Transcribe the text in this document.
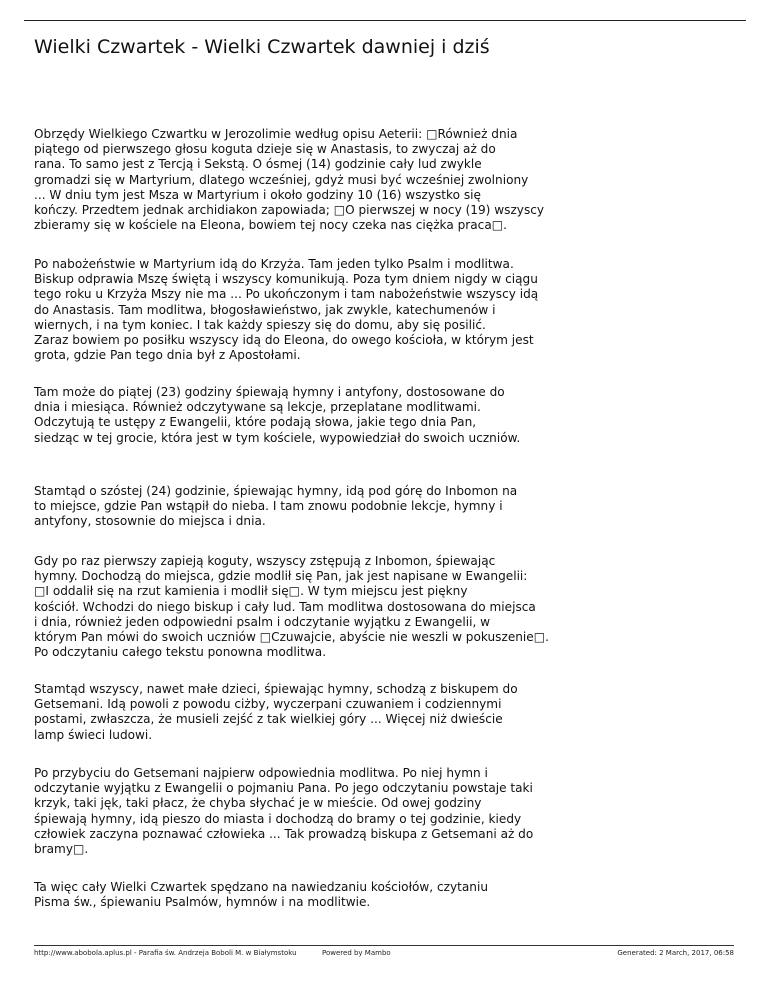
Wielki Czwartek - Wielki Czwartek dawniej i dziś

Obrzędy Wielkiego Czwartku w Jerozolimie według opisu Aeterii: □Również dnia
piątego od pierwszego głosu koguta dzieje się w Anastasis, to zwyczaj aż do
rana. To samo jest z Tercją i Sekstą. O ósmej (14) godzinie cały lud zwykle
gromadzi się w Martyrium, dlatego wcześniej, gdyż musi być wcześniej zwolniony
... W dniu tym jest Msza w Martyrium i około godziny 10 (16) wszystko się
kończy. Przedtem jednak archidiakon zapowiada; □O pierwszej w nocy (19) wszyscy
zbieramy się w kościele na Eleona, bowiem tej nocy czeka nas ciężka praca□.

Po nabożeństwie w Martyrium idą do Krzyża. Tam jeden tylko Psalm i modlitwa.
Biskup odprawia Mszę świętą i wszyscy komunikują. Poza tym dniem nigdy w ciągu
tego roku u Krzyża Mszy nie ma ... Po ukończonym i tam nabożeństwie wszyscy idą
do Anastasis. Tam modlitwa, błogosławieństwo, jak zwykle, katechumenów i
wiernych, i na tym koniec. I tak każdy spieszy się do domu, aby się posilić.
Zaraz bowiem po posiłku wszyscy idą do Eleona, do owego kościoła, w którym jest
grota, gdzie Pan tego dnia był z Apostołami.

Tam może do piątej (23) godziny śpiewają hymny i antyfony, dostosowane do
dnia i miesiąca. Również odczytywane są lekcje, przeplatane modlitwami.
Odczytują te ustępy z Ewangelii, które podają słowa, jakie tego dnia Pan,
siedząc w tej grocie, która jest w tym kościele, wypowiedział do swoich uczniów.

Stamtąd o szóstej (24) godzinie, śpiewając hymny, idą pod górę do Inbomon na
to miejsce, gdzie Pan wstąpił do nieba. I tam znowu podobnie lekcje, hymny i
antyfony, stosownie do miejsca i dnia.

Gdy po raz pierwszy zapieją koguty, wszyscy zstępują z Inbomon, śpiewając
hymny. Dochodzą do miejsca, gdzie modlił się Pan, jak jest napisane w Ewangelii:
□I oddalił się na rzut kamienia i modlił się□. W tym miejscu jest piękny
kościół. Wchodzi do niego biskup i cały lud. Tam modlitwa dostosowana do miejsca
i dnia, również jeden odpowiedni psalm i odczytanie wyjątku z Ewangelii, w
którym Pan mówi do swoich uczniów □Czuwajcie, abyście nie weszli w pokuszenie□.
Po odczytaniu całego tekstu ponowna modlitwa.

Stamtąd wszyscy, nawet małe dzieci, śpiewając hymny, schodzą z biskupem do
Getsemani. Idą powoli z powodu ciżby, wyczerpani czuwaniem i codziennymi
postami, zwłaszcza, że musieli zejść z tak wielkiej góry ... Więcej niż dwieście
lamp świeci ludowi.

Po przybyciu do Getsemani najpierw odpowiednia modlitwa. Po niej hymn i
odczytanie wyjątku z Ewangelii o pojmaniu Pana. Po jego odczytaniu powstaje taki
krzyk, taki jęk, taki płacz, że chyba słychać je w mieście. Od owej godziny
śpiewają hymny, idą pieszo do miasta i dochodzą do bramy o tej godzinie, kiedy
człowiek zaczyna poznawać człowieka ... Tak prowadzą biskupa z Getsemani aż do
bramy□.

Ta więc cały Wielki Czwartek spędzano na nawiedzaniu kościołów, czytaniu
Pisma św., śpiewaniu Psalmów, hymnów i na modlitwie.

http://www.abobola.aplus.pl - Parafia św. Andrzeja Boboli M. w Białymstoku	Powered by Mambo	Generated: 2 March, 2017, 06:58
